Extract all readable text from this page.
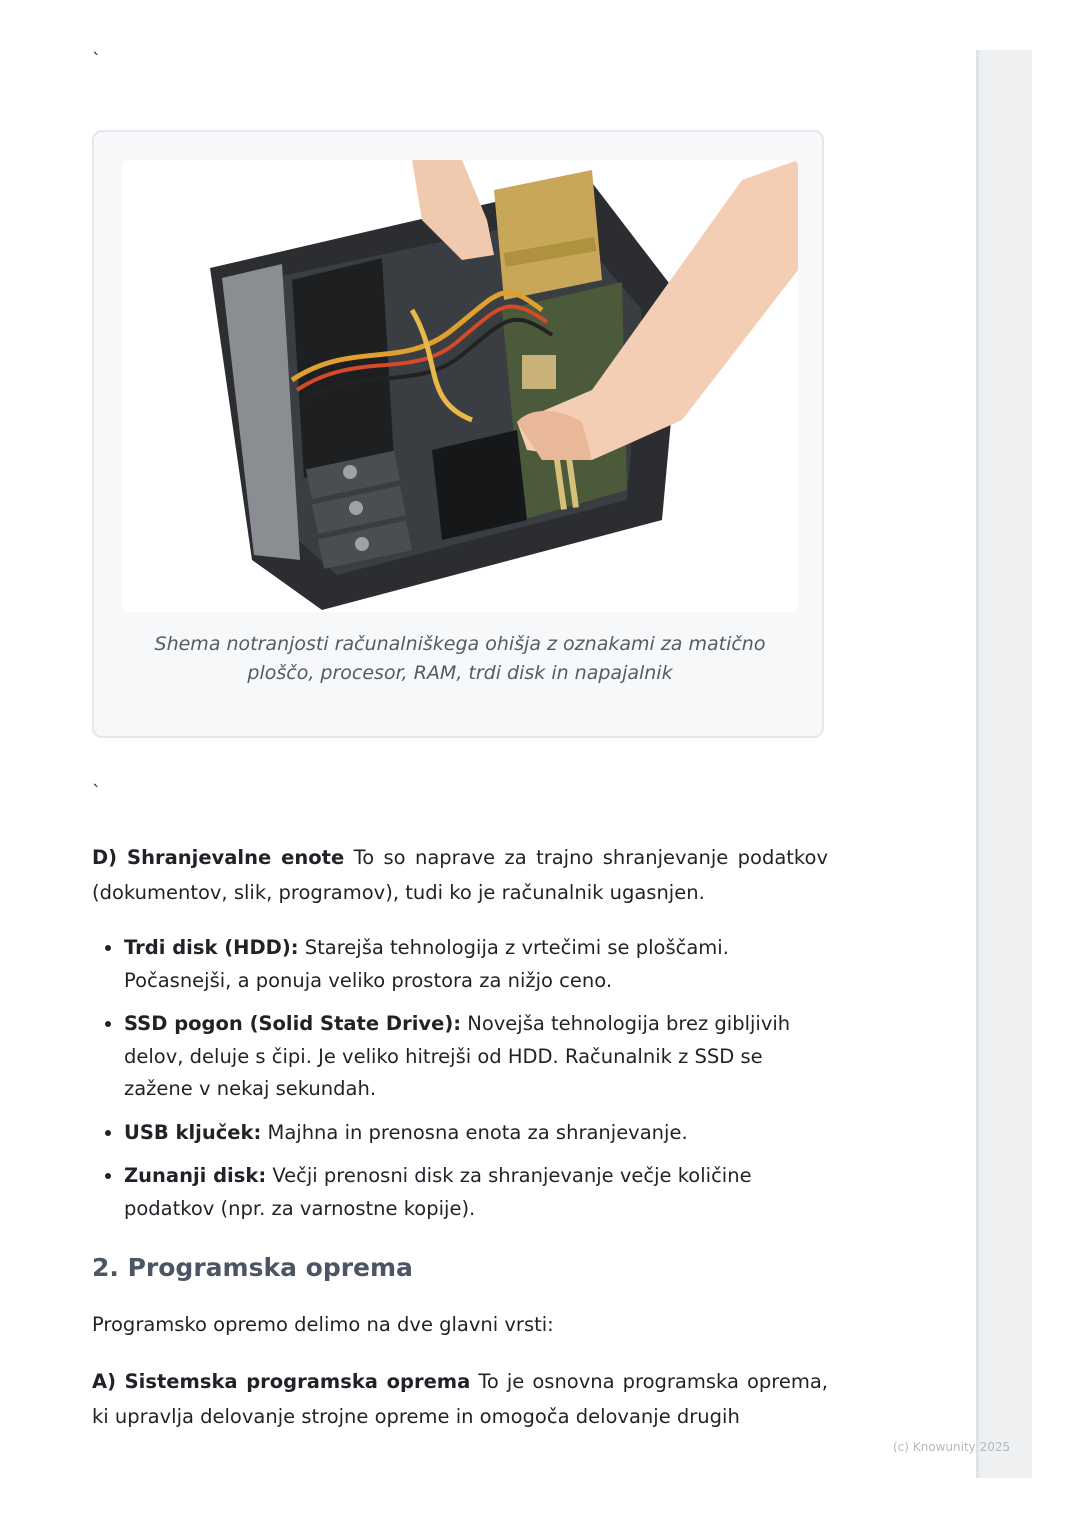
`
Shema notranjosti računalniškega ohišja z oznakami za matično ploščo, procesor, RAM, trdi disk in napajalnik
`

D) Shranjevalne enote To so naprave za trajno shranjevanje podatkov (dokumentov, slik, programov), tudi ko je računalnik ugasnjen.

• Trdi disk (HDD): Starejša tehnologija z vrtečimi se ploščami. Počasnejši, a ponuja veliko prostora za nižjo ceno.
• SSD pogon (Solid State Drive): Novejša tehnologija brez gibljivih delov, deluje s čipi. Je veliko hitrejši od HDD. Računalnik z SSD se zažene v nekaj sekundah.
• USB ključek: Majhna in prenosna enota za shranjevanje.
• Zunanji disk: Večji prenosni disk za shranjevanje večje količine podatkov (npr. za varnostne kopije).
2. Programska oprema

Programsko opremo delimo na dve glavni vrsti:

A) Sistemska programska oprema To je osnovna programska oprema, ki upravlja delovanje strojne opreme in omogoča delovanje drugih

(c) Knowunity 2025
